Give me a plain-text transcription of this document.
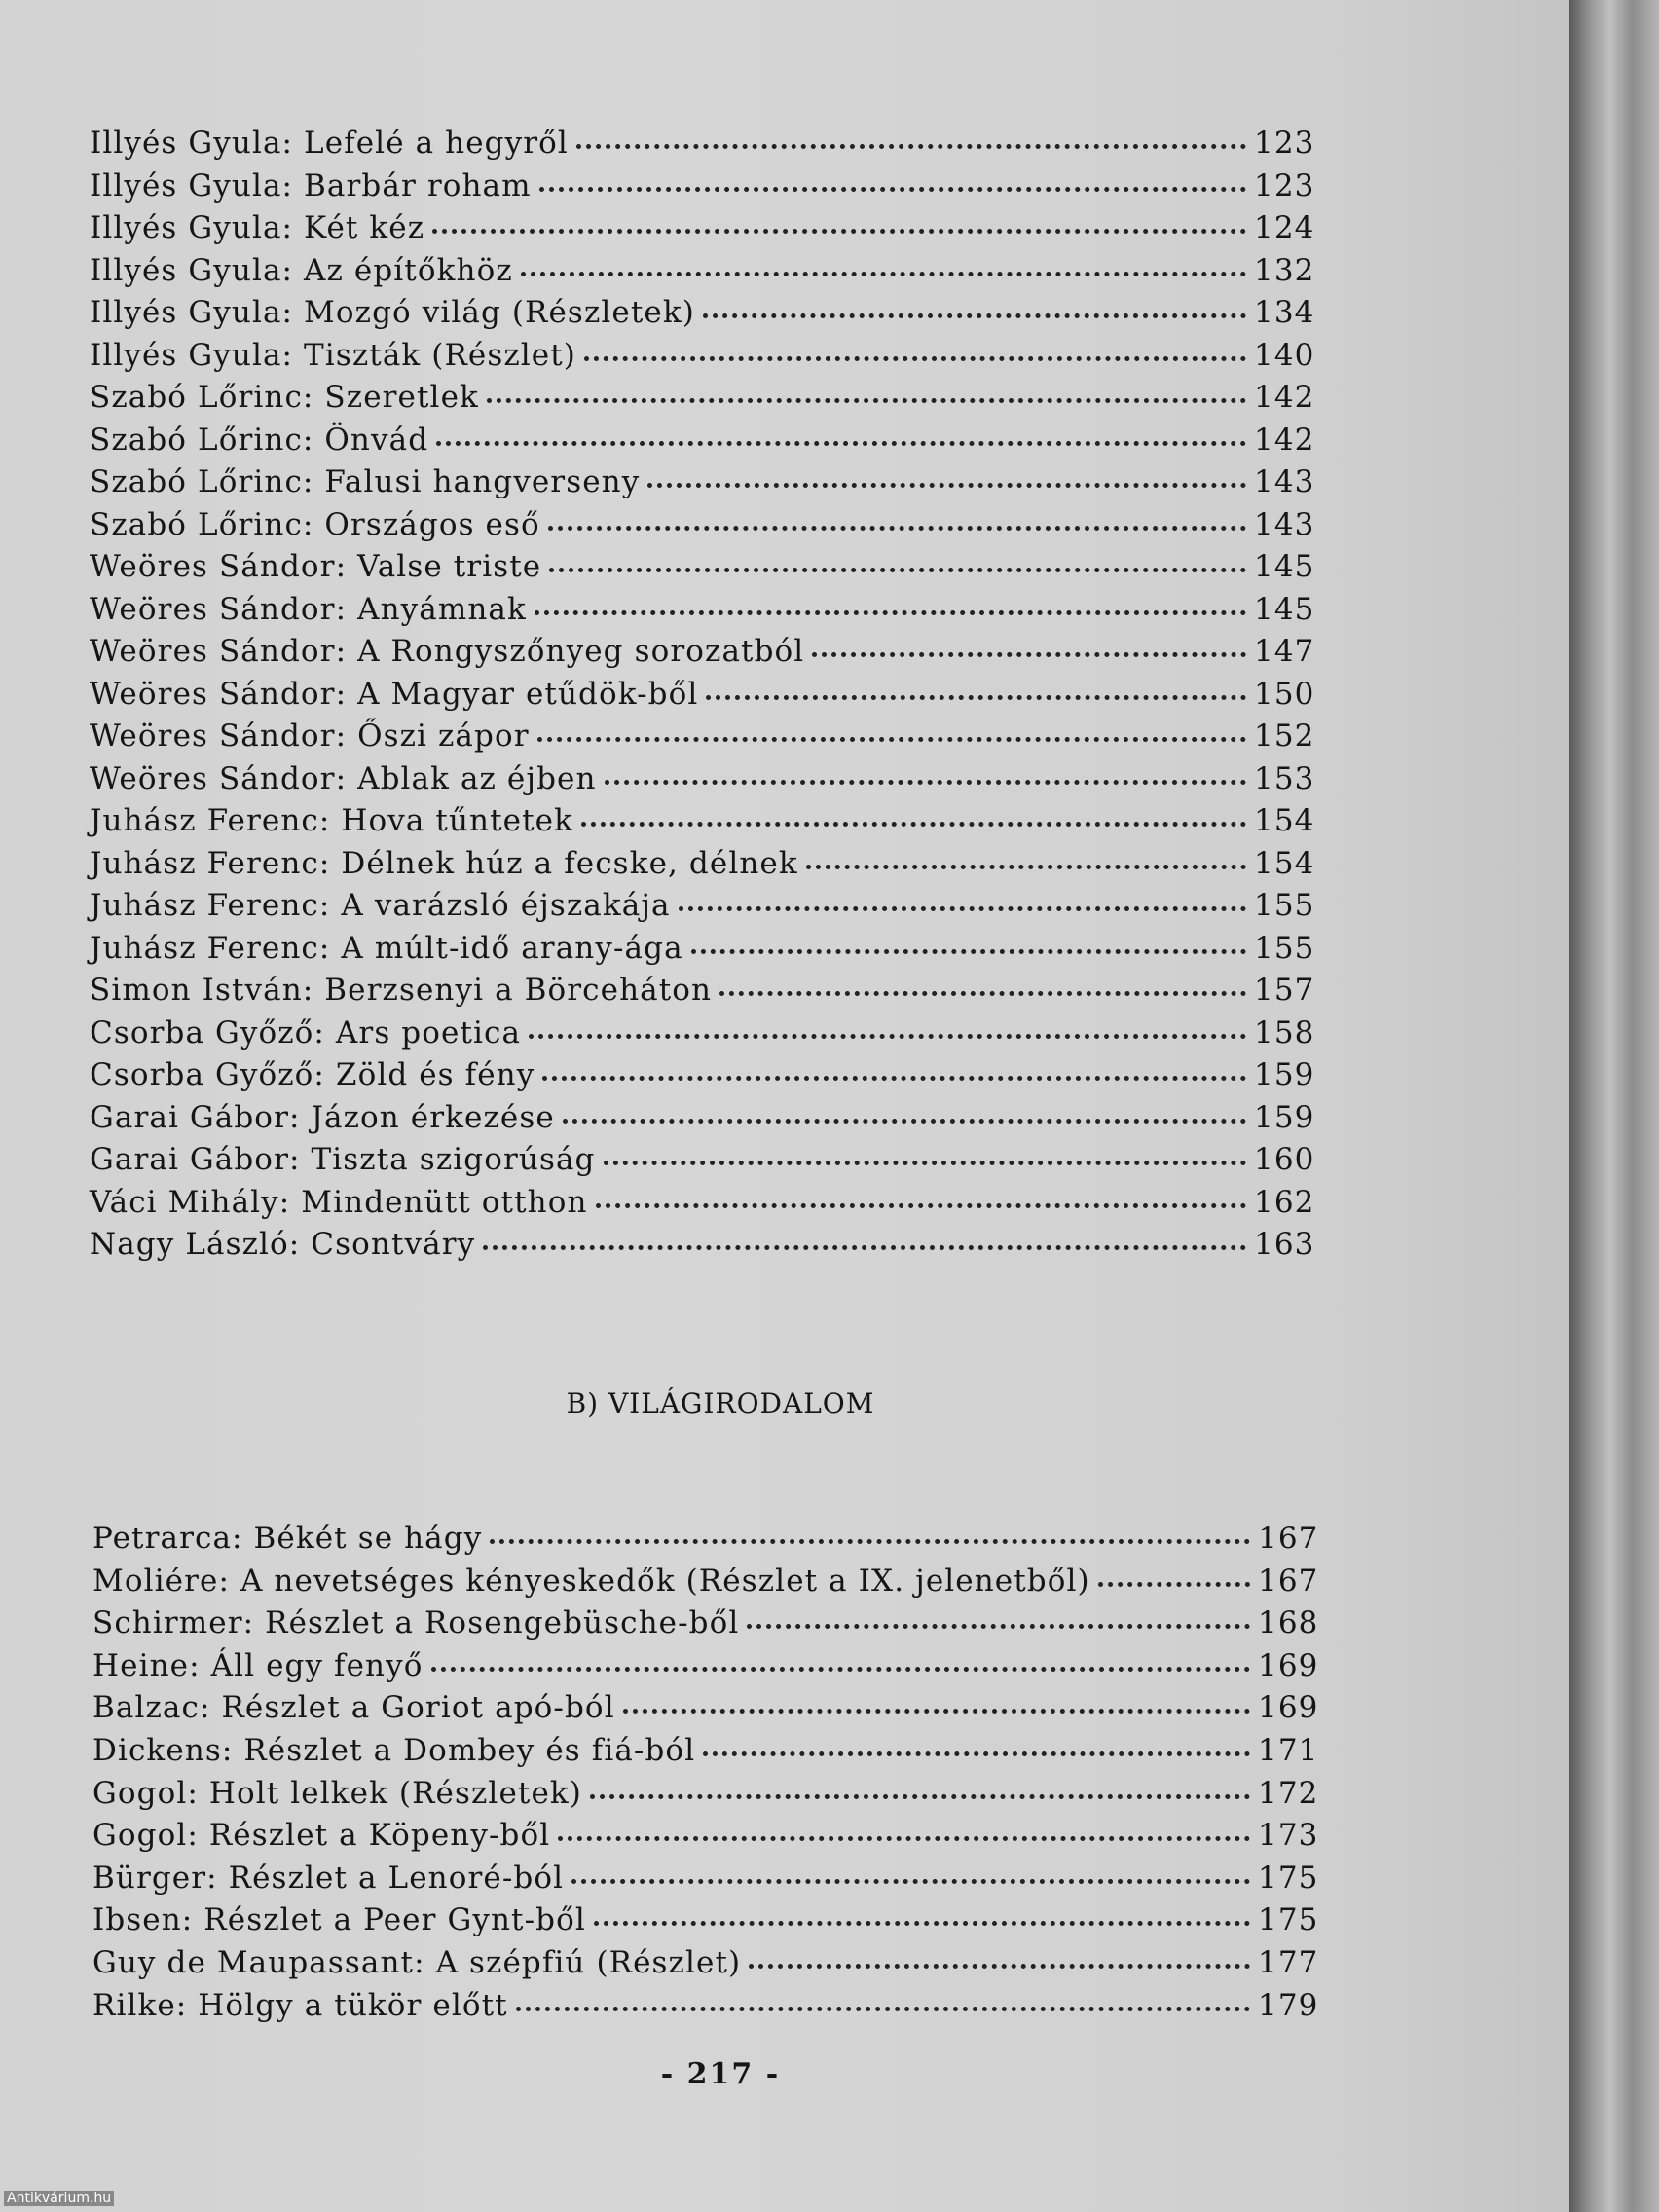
Illyés Gyula: Lefelé a hegyről	123
Illyés Gyula: Barbár roham	123
Illyés Gyula: Két kéz	124
Illyés Gyula: Az építőkhöz	132
Illyés Gyula: Mozgó világ (Részletek)	134
Illyés Gyula: Tiszták (Részlet)	140
Szabó Lőrinc: Szeretlek	142
Szabó Lőrinc: Önvád	142
Szabó Lőrinc: Falusi hangverseny	143
Szabó Lőrinc: Országos eső	143
Weöres Sándor: Valse triste	145
Weöres Sándor: Anyámnak	145
Weöres Sándor: A Rongyszőnyeg sorozatból	147
Weöres Sándor: A Magyar etűdök-ből	150
Weöres Sándor: Őszi zápor	152
Weöres Sándor: Ablak az éjben	153
Juhász Ferenc: Hova tűntetek	154
Juhász Ferenc: Délnek húz a fecske, délnek	154
Juhász Ferenc: A varázsló éjszakája	155
Juhász Ferenc: A múlt-idő arany-ága	155
Simon István: Berzsenyi a Börceháton	157
Csorba Győző: Ars poetica	158
Csorba Győző: Zöld és fény	159
Garai Gábor: Jázon érkezése	159
Garai Gábor: Tiszta szigorúság	160
Váci Mihály: Mindenütt otthon	162
Nagy László: Csontváry	163
B) VILÁGIRODALOM
Petrarca: Békét se hágy	167
Moliére: A nevetséges kényeskedők (Részlet a IX. jelenetből)	167
Schirmer: Részlet a Rosengebüsche-ből	168
Heine: Áll egy fenyő	169
Balzac: Részlet a Goriot apó-ból	169
Dickens: Részlet a Dombey és fiá-ból	171
Gogol: Holt lelkek (Részletek)	172
Gogol: Részlet a Köpeny-ből	173
Bürger: Részlet a Lenoré-ból	175
Ibsen: Részlet a Peer Gynt-ből	175
Guy de Maupassant: A szépfiú (Részlet)	177
Rilke: Hölgy a tükör előtt	179
- 217 -
Antikvárium.hu
